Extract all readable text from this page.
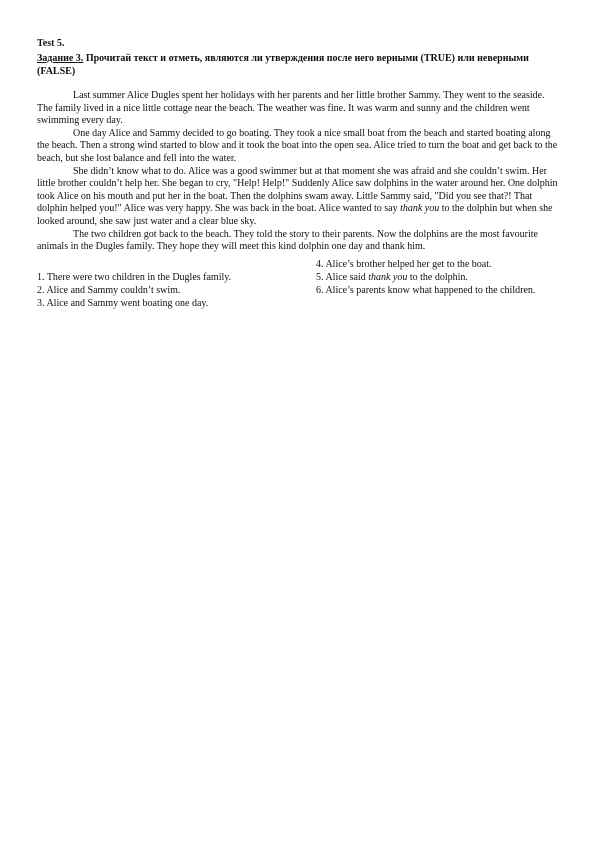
Test 5.

Задание 3. Прочитай текст и отметь, являются ли утверждения после него верными (TRUE) или неверными (FALSE)

Last summer Alice Dugles spent her holidays with her parents and her little brother Sammy. They went to the seaside. The family lived in a nice little cottage near the beach. The weather was fine. It was warm and sunny and the children went swimming every day.

One day Alice and Sammy decided to go boating. They took a nice small boat from the beach and started boating along the beach. Then a strong wind started to blow and it took the boat into the open sea. Alice tried to turn the boat and get back to the beach, but she lost balance and fell into the water.

She didn’t know what to do. Alice was a good swimmer but at that moment she was afraid and she couldn’t swim. Her little brother couldn’t help her. She began to cry, "Help! Help!" Suddenly Alice saw dolphins in the water around her. One dolphin took Alice on his mouth and put her in the boat. Then the dolphins swam away. Little Sammy said, "Did you see that?! That dolphin helped you!" Alice was very happy. She was back in the boat. Alice wanted to say thank you to the dolphin but when she looked around, she saw just water and a clear blue sky.

The two children got back to the beach. They told the story to their parents. Now the dolphins are the most favourite animals in the Dugles family. They hope they will meet this kind dolphin one day and thank him.

1. There were two children in the Dugles family.

2. Alice and Sammy couldn’t swim.

3. Alice and Sammy went boating one day.

4. Alice’s brother helped her get to the boat.

5. Alice said thank you to the dolphin.

6. Alice’s parents know what happened to the children.
